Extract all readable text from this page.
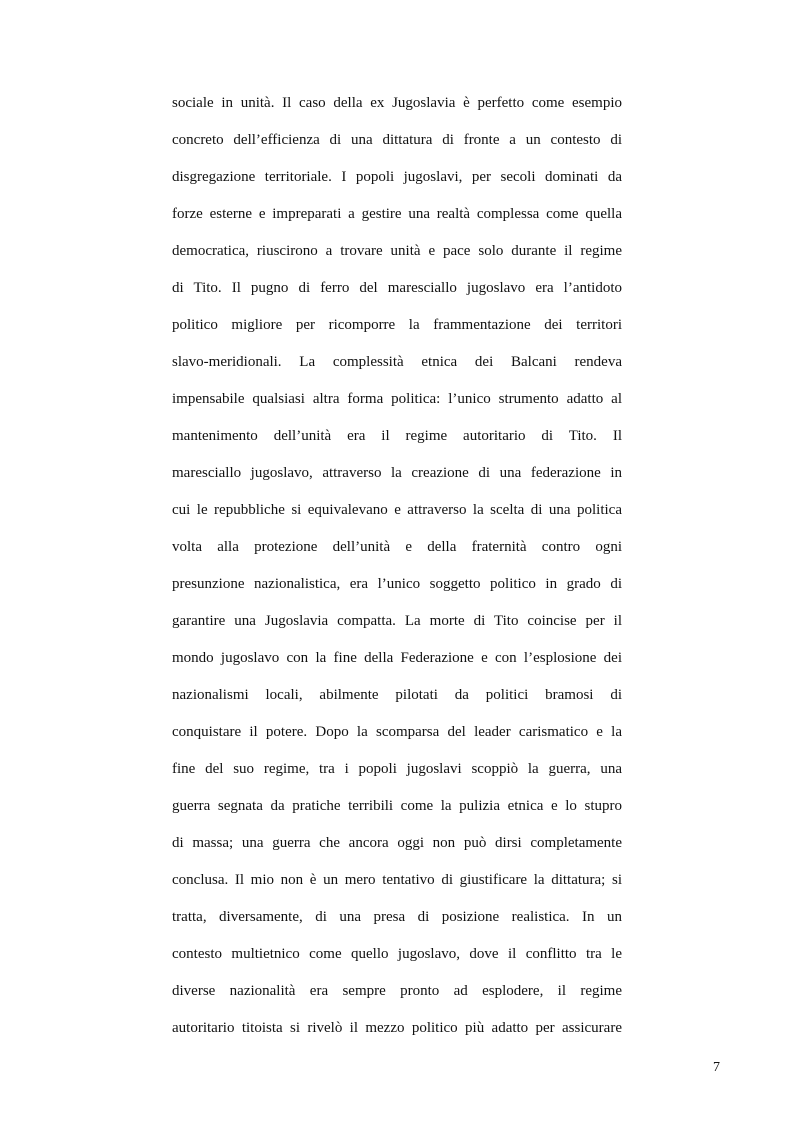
sociale in unità. Il caso della ex Jugoslavia è perfetto come esempio
concreto dell’efficienza di una dittatura di fronte a un contesto di
disgregazione territoriale. I popoli jugoslavi, per secoli dominati da
forze esterne e impreparati a gestire una realtà complessa come quella
democratica, riuscirono a trovare unità e pace solo durante il regime
di Tito. Il pugno di ferro del maresciallo jugoslavo era l’antidoto
politico migliore per ricomporre la frammentazione dei territori
slavo-meridionali. La complessità etnica dei Balcani rendeva
impensabile qualsiasi altra forma politica: l’unico strumento adatto al
mantenimento dell’unità era il regime autoritario di Tito. Il
maresciallo jugoslavo, attraverso la creazione di una federazione in
cui le repubbliche si equivalevano e attraverso la scelta di una politica
volta alla protezione dell’unità e della fraternità contro ogni
presunzione nazionalistica, era l’unico soggetto politico in grado di
garantire una Jugoslavia compatta. La morte di Tito coincise per il
mondo jugoslavo con la fine della Federazione e con l’esplosione dei
nazionalismi locali, abilmente pilotati da politici bramosi di
conquistare il potere. Dopo la scomparsa del leader carismatico e la
fine del suo regime, tra i popoli jugoslavi scoppiò la guerra, una
guerra segnata da pratiche terribili come la pulizia etnica e lo stupro
di massa; una guerra che ancora oggi non può dirsi completamente
conclusa. Il mio non è un mero tentativo di giustificare la dittatura; si
tratta, diversamente, di una presa di posizione realistica. In un
contesto multietnico come quello jugoslavo, dove il conflitto tra le
diverse nazionalità era sempre pronto ad esplodere, il regime
autoritario titoista si rivelò il mezzo politico più adatto per assicurare
7
